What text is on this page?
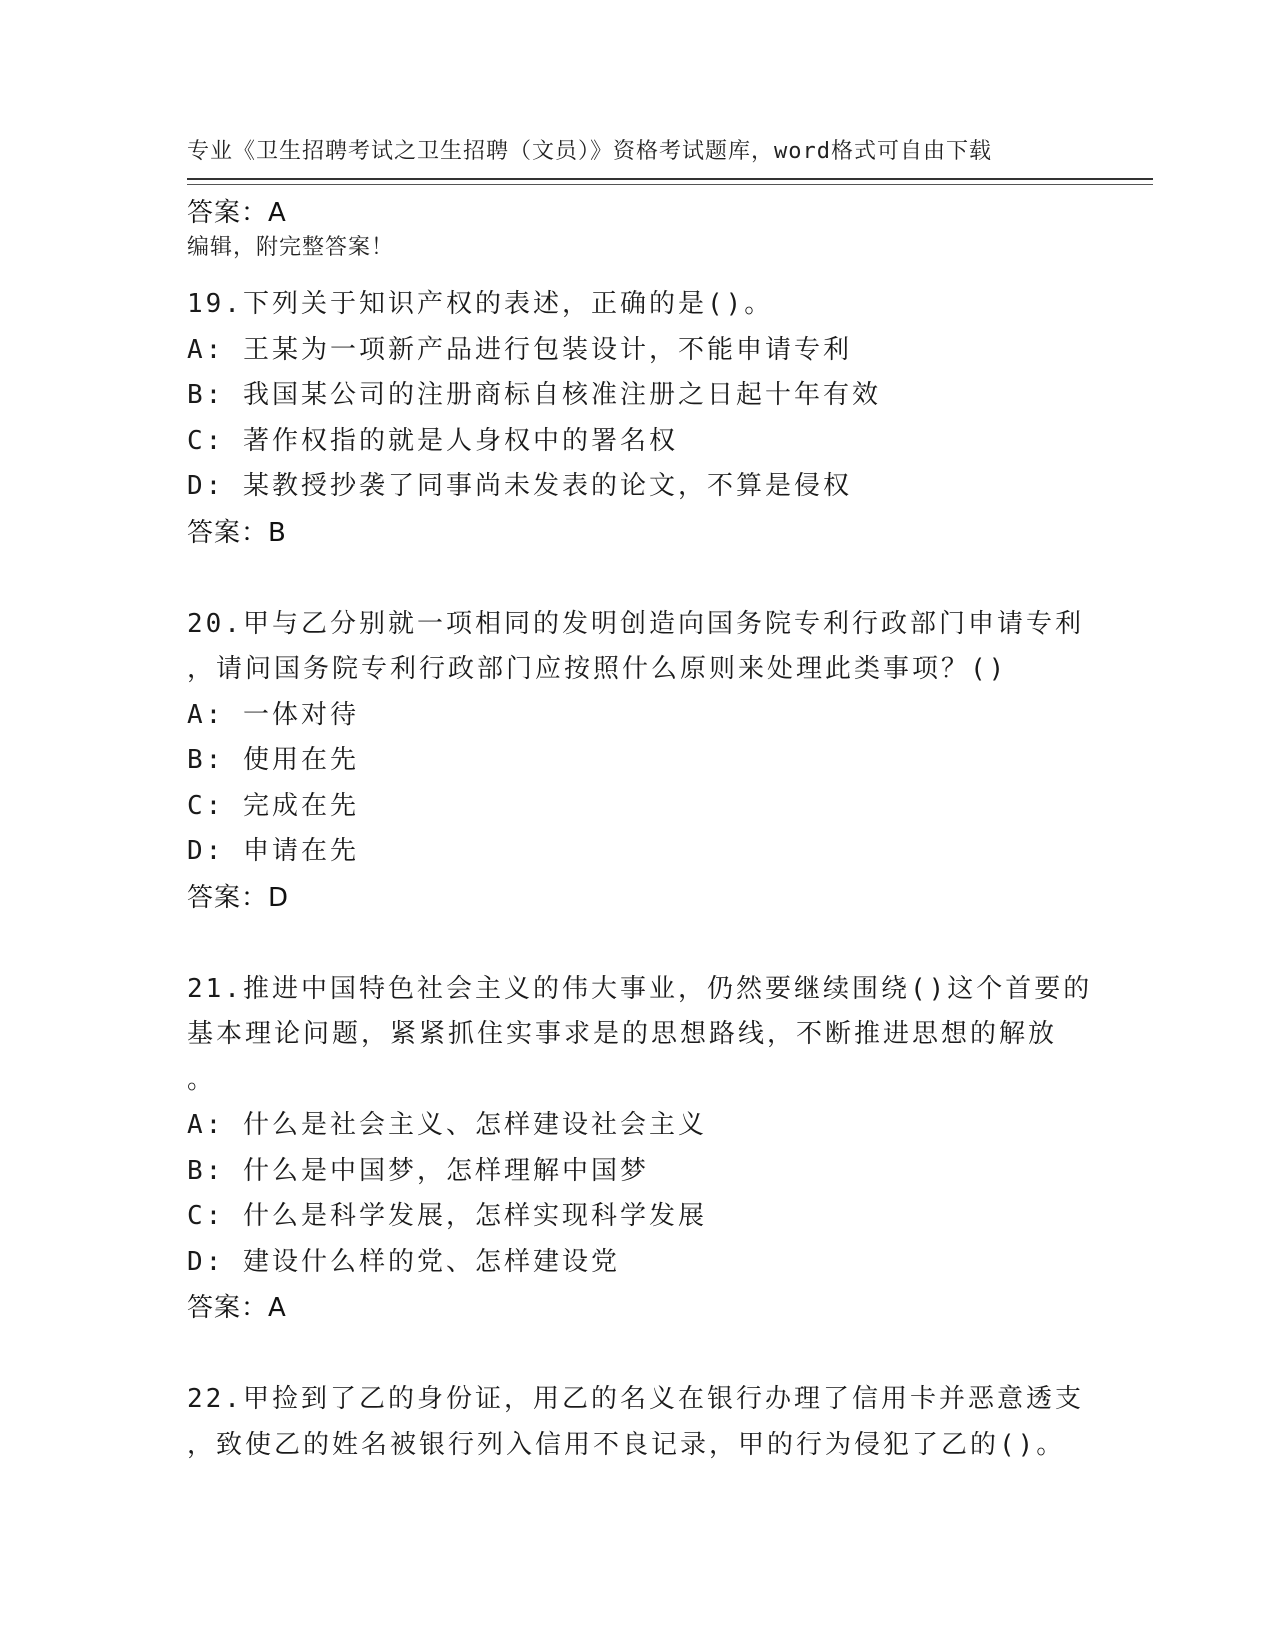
专业《卫生招聘考试之卫生招聘（文员）》资格考试题库，word格式可自由下载

编辑，附完整答案！

答案：A
19.下列关于知识产权的表述，正确的是()。
A: 王某为一项新产品进行包装设计，不能申请专利
B: 我国某公司的注册商标自核准注册之日起十年有效
C: 著作权指的就是人身权中的署名权
D: 某教授抄袭了同事尚未发表的论文，不算是侵权
答案：B
20.甲与乙分别就一项相同的发明创造向国务院专利行政部门申请专利
，请问国务院专利行政部门应按照什么原则来处理此类事项？()
A: 一体对待
B: 使用在先
C: 完成在先
D: 申请在先
答案：D
21.推进中国特色社会主义的伟大事业，仍然要继续围绕()这个首要的
基本理论问题，紧紧抓住实事求是的思想路线，不断推进思想的解放
。
A: 什么是社会主义、怎样建设社会主义
B: 什么是中国梦，怎样理解中国梦
C: 什么是科学发展，怎样实现科学发展
D: 建设什么样的党、怎样建设党
答案：A
22.甲捡到了乙的身份证，用乙的名义在银行办理了信用卡并恶意透支
，致使乙的姓名被银行列入信用不良记录，甲的行为侵犯了乙的()。
